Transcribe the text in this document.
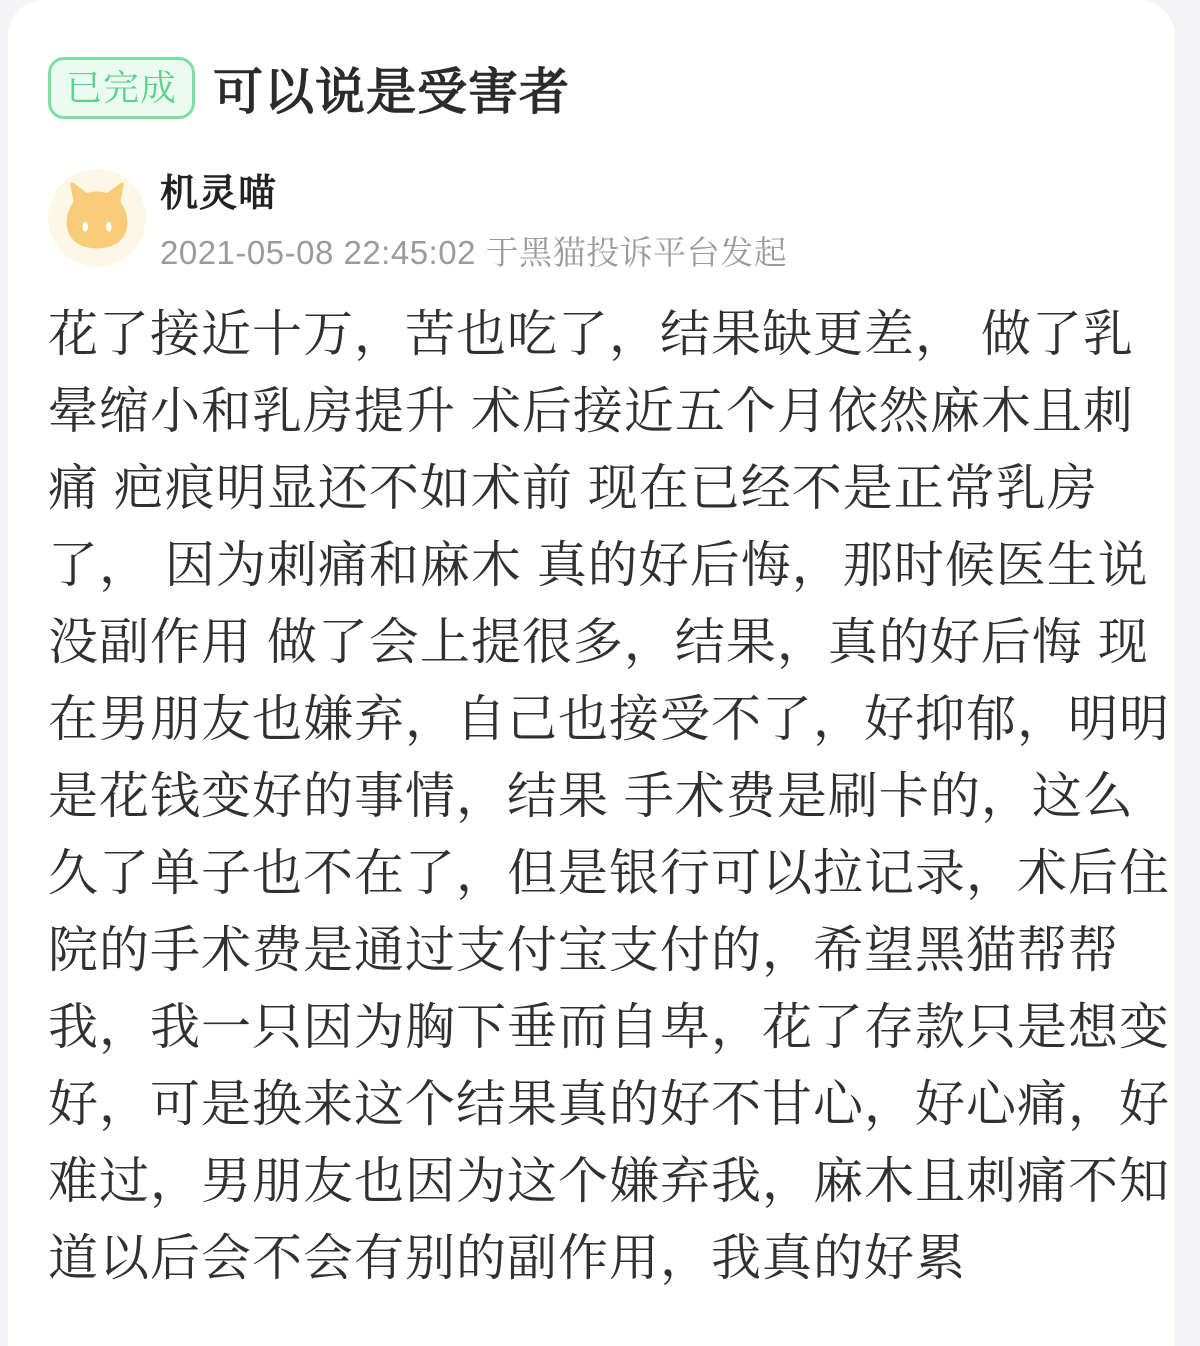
已完成 可以说是受害者
机灵喵
2021-05-08 22:45:02 于黑猫投诉平台发起
花了接近十万，苦也吃了，结果缺更差， 做了乳
晕缩小和乳房提升 术后接近五个月依然麻木且刺
痛 疤痕明显还不如术前 现在已经不是正常乳房
了， 因为刺痛和麻木 真的好后悔，那时候医生说
没副作用 做了会上提很多，结果，真的好后悔 现
在男朋友也嫌弃，自己也接受不了，好抑郁，明明
是花钱变好的事情，结果 手术费是刷卡的，这么
久了单子也不在了，但是银行可以拉记录，术后住
院的手术费是通过支付宝支付的，希望黑猫帮帮
我，我一只因为胸下垂而自卑，花了存款只是想变
好，可是换来这个结果真的好不甘心，好心痛，好
难过，男朋友也因为这个嫌弃我，麻木且刺痛不知
道以后会不会有别的副作用，我真的好累
